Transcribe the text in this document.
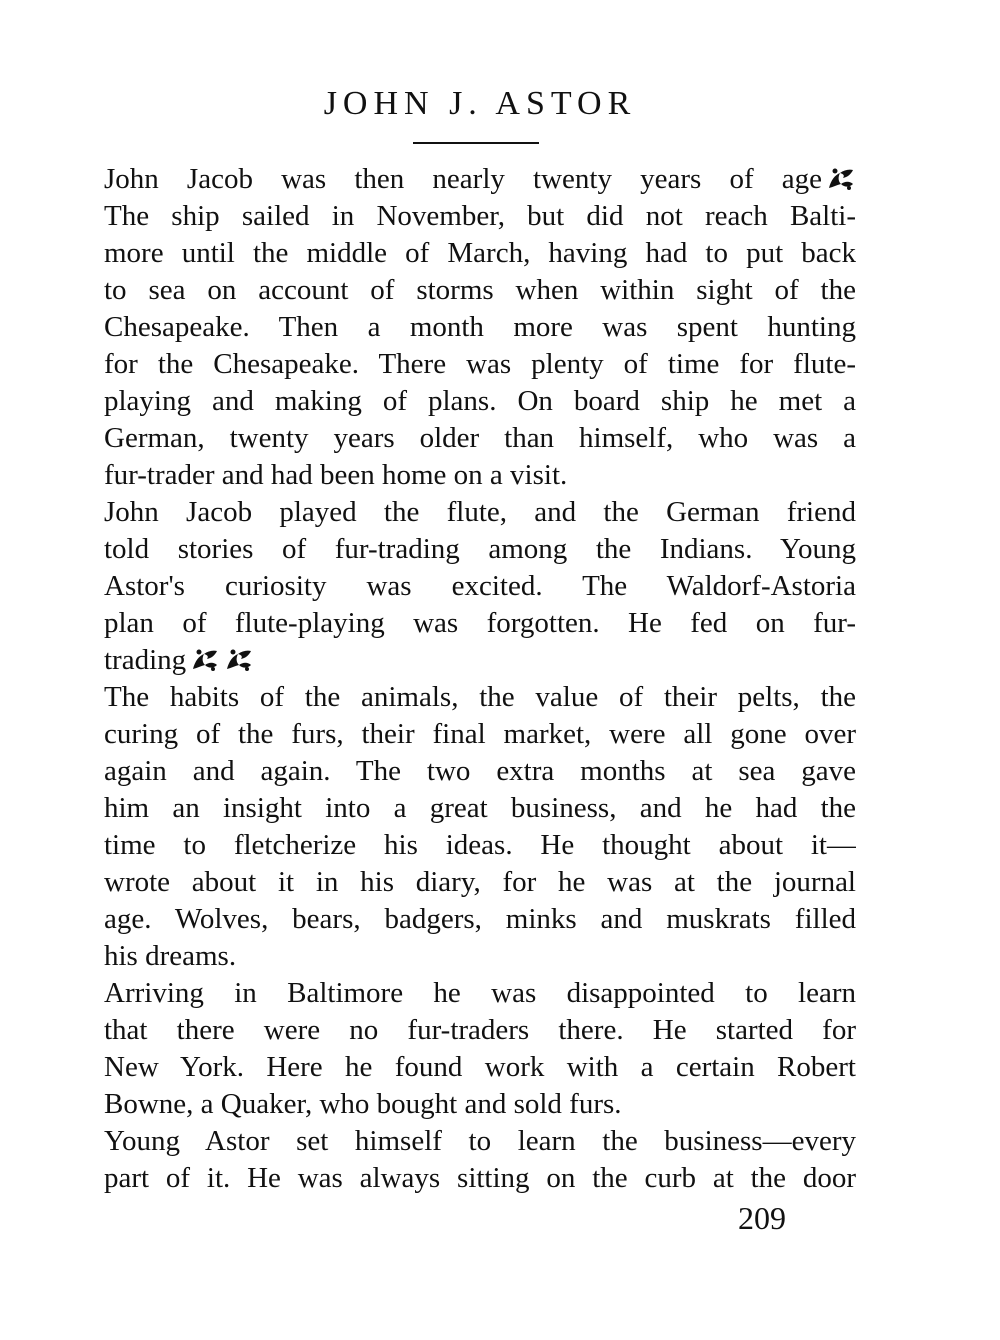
JOHN J. ASTOR
John Jacob was then nearly twenty years of age
The ship sailed in November, but did not reach Balti-
more until the middle of March, having had to put back
to sea on account of storms when within sight of the
Chesapeake. Then a month more was spent hunting
for the Chesapeake. There was plenty of time for flute-
playing and making of plans. On board ship he met a
German, twenty years older than himself, who was a
fur-trader and had been home on a visit.
John Jacob played the flute, and the German friend
told stories of fur-trading among the Indians. Young
Astor's curiosity was excited. The Waldorf-Astoria
plan of flute-playing was forgotten. He fed on fur-
trading
The habits of the animals, the value of their pelts, the
curing of the furs, their final market, were all gone over
again and again. The two extra months at sea gave
him an insight into a great business, and he had the
time to fletcherize his ideas. He thought about it—
wrote about it in his diary, for he was at the journal
age. Wolves, bears, badgers, minks and muskrats filled
his dreams.
Arriving in Baltimore he was disappointed to learn
that there were no fur-traders there. He started for
New York. Here he found work with a certain Robert
Bowne, a Quaker, who bought and sold furs.
Young Astor set himself to learn the business—every
part of it. He was always sitting on the curb at the door
209
